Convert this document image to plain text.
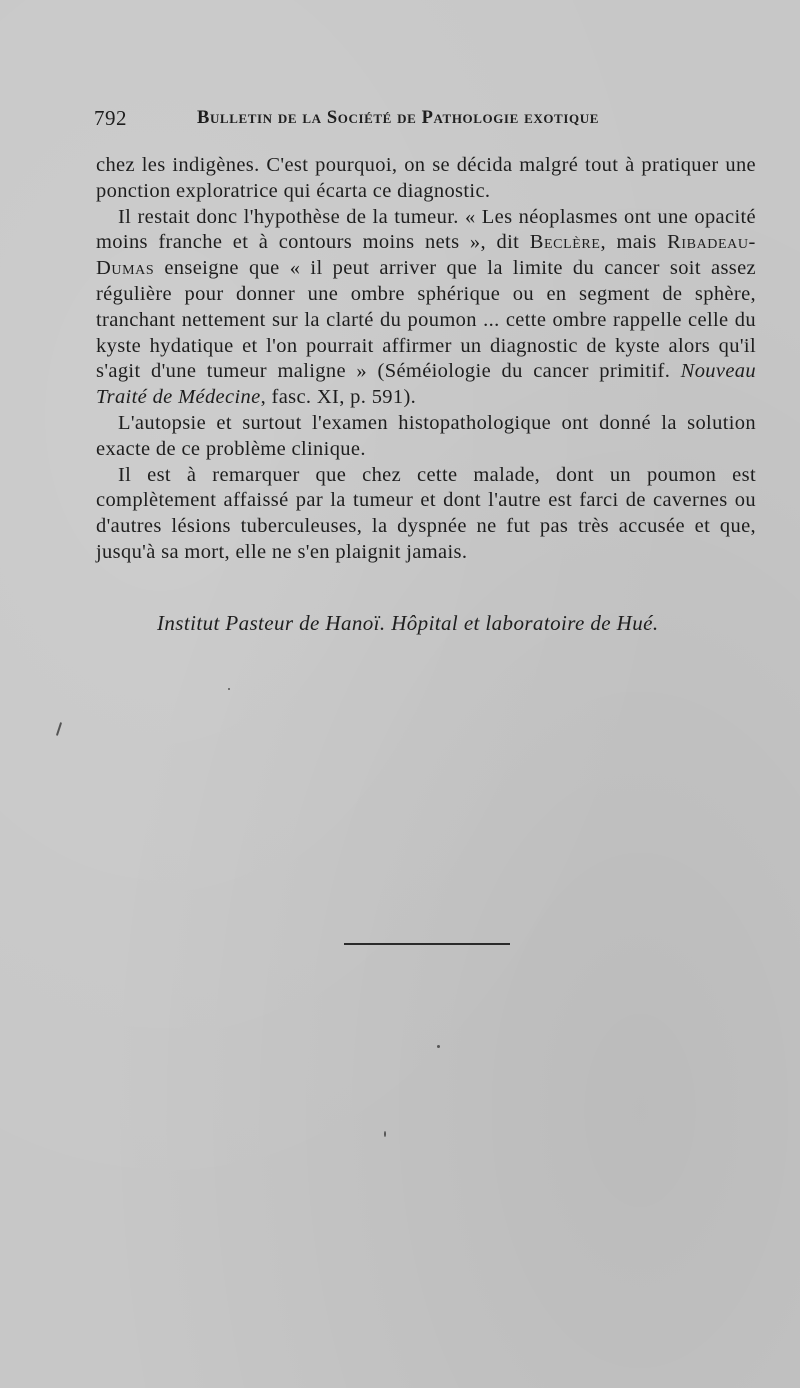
792	Bulletin de la Société de Pathologie exotique

chez les indigènes. C'est pourquoi, on se décida malgré tout à pratiquer une ponction exploratrice qui écarta ce diagnostic.

Il restait donc l'hypothèse de la tumeur. « Les néoplasmes ont une opacité moins franche et à contours moins nets », dit Beclère, mais Ribadeau-Dumas enseigne que « il peut arriver que la limite du cancer soit assez régulière pour donner une ombre sphérique ou en segment de sphère, tranchant nettement sur la clarté du poumon ... cette ombre rappelle celle du kyste hydatique et l'on pourrait affirmer un diagnostic de kyste alors qu'il s'agit d'une tumeur maligne » (Séméiologie du cancer primitif. Nouveau Traité de Médecine, fasc. XI, p. 591).

L'autopsie et surtout l'examen histopathologique ont donné la solution exacte de ce problème clinique.

Il est à remarquer que chez cette malade, dont un poumon est complètement affaissé par la tumeur et dont l'autre est farci de cavernes ou d'autres lésions tuberculeuses, la dyspnée ne fut pas très accusée et que, jusqu'à sa mort, elle ne s'en plaignit jamais.

Institut Pasteur de Hanoï. Hôpital et laboratoire de Hué.
